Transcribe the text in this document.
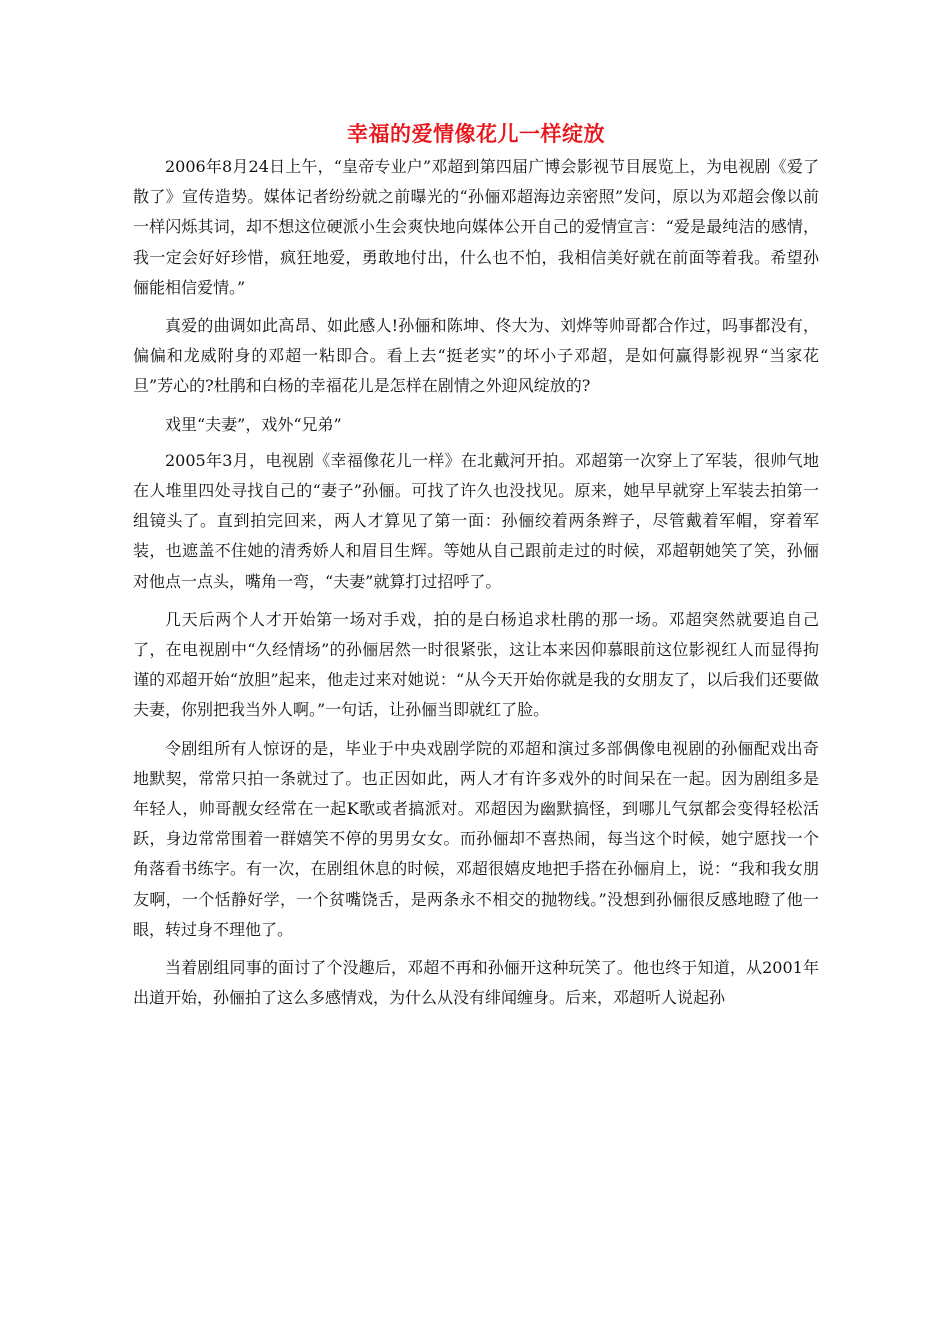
幸福的爱情像花儿一样绽放

2006年8月24日上午，“皇帝专业户”邓超到第四届广博会影视节目展览上，为电视剧《爱了散了》宣传造势。媒体记者纷纷就之前曝光的“孙俪邓超海边亲密照”发问，原以为邓超会像以前一样闪烁其词，却不想这位硬派小生会爽快地向媒体公开自己的爱情宣言：“爱是最纯洁的感情，我一定会好好珍惜，疯狂地爱，勇敢地付出，什么也不怕，我相信美好就在前面等着我。希望孙俪能相信爱情。”

真爱的曲调如此高昂、如此感人!孙俪和陈坤、佟大为、刘烨等帅哥都合作过，吗事都没有，偏偏和龙威附身的邓超一粘即合。看上去“挺老实”的坏小子邓超，是如何赢得影视界“当家花旦”芳心的?杜鹃和白杨的幸福花儿是怎样在剧情之外迎风绽放的?

戏里“夫妻”，戏外“兄弟”

2005年3月，电视剧《幸福像花儿一样》在北戴河开拍。邓超第一次穿上了军装，很帅气地在人堆里四处寻找自己的“妻子”孙俪。可找了许久也没找见。原来，她早早就穿上军装去拍第一组镜头了。直到拍完回来，两人才算见了第一面：孙俪绞着两条辫子，尽管戴着军帽，穿着军装，也遮盖不住她的清秀娇人和眉目生辉。等她从自己跟前走过的时候，邓超朝她笑了笑，孙俪对他点一点头，嘴角一弯，“夫妻”就算打过招呼了。

几天后两个人才开始第一场对手戏，拍的是白杨追求杜鹃的那一场。邓超突然就要追自己了，在电视剧中“久经情场”的孙俪居然一时很紧张，这让本来因仰慕眼前这位影视红人而显得拘谨的邓超开始“放胆”起来，他走过来对她说：“从今天开始你就是我的女朋友了，以后我们还要做夫妻，你别把我当外人啊。”一句话，让孙俪当即就红了脸。

令剧组所有人惊讶的是，毕业于中央戏剧学院的邓超和演过多部偶像电视剧的孙俪配戏出奇地默契，常常只拍一条就过了。也正因如此，两人才有许多戏外的时间呆在一起。因为剧组多是年轻人，帅哥靓女经常在一起K歌或者搞派对。邓超因为幽默搞怪，到哪儿气氛都会变得轻松活跃，身边常常围着一群嬉笑不停的男男女女。而孙俪却不喜热闹，每当这个时候，她宁愿找一个角落看书练字。有一次，在剧组休息的时候，邓超很嬉皮地把手搭在孙俪肩上，说：“我和我女朋友啊，一个恬静好学，一个贫嘴饶舌，是两条永不相交的抛物线。”没想到孙俪很反感地瞪了他一眼，转过身不理他了。

当着剧组同事的面讨了个没趣后，邓超不再和孙俪开这种玩笑了。他也终于知道，从2001年出道开始，孙俪拍了这么多感情戏，为什么从没有绯闻缠身。后来，邓超听人说起孙
